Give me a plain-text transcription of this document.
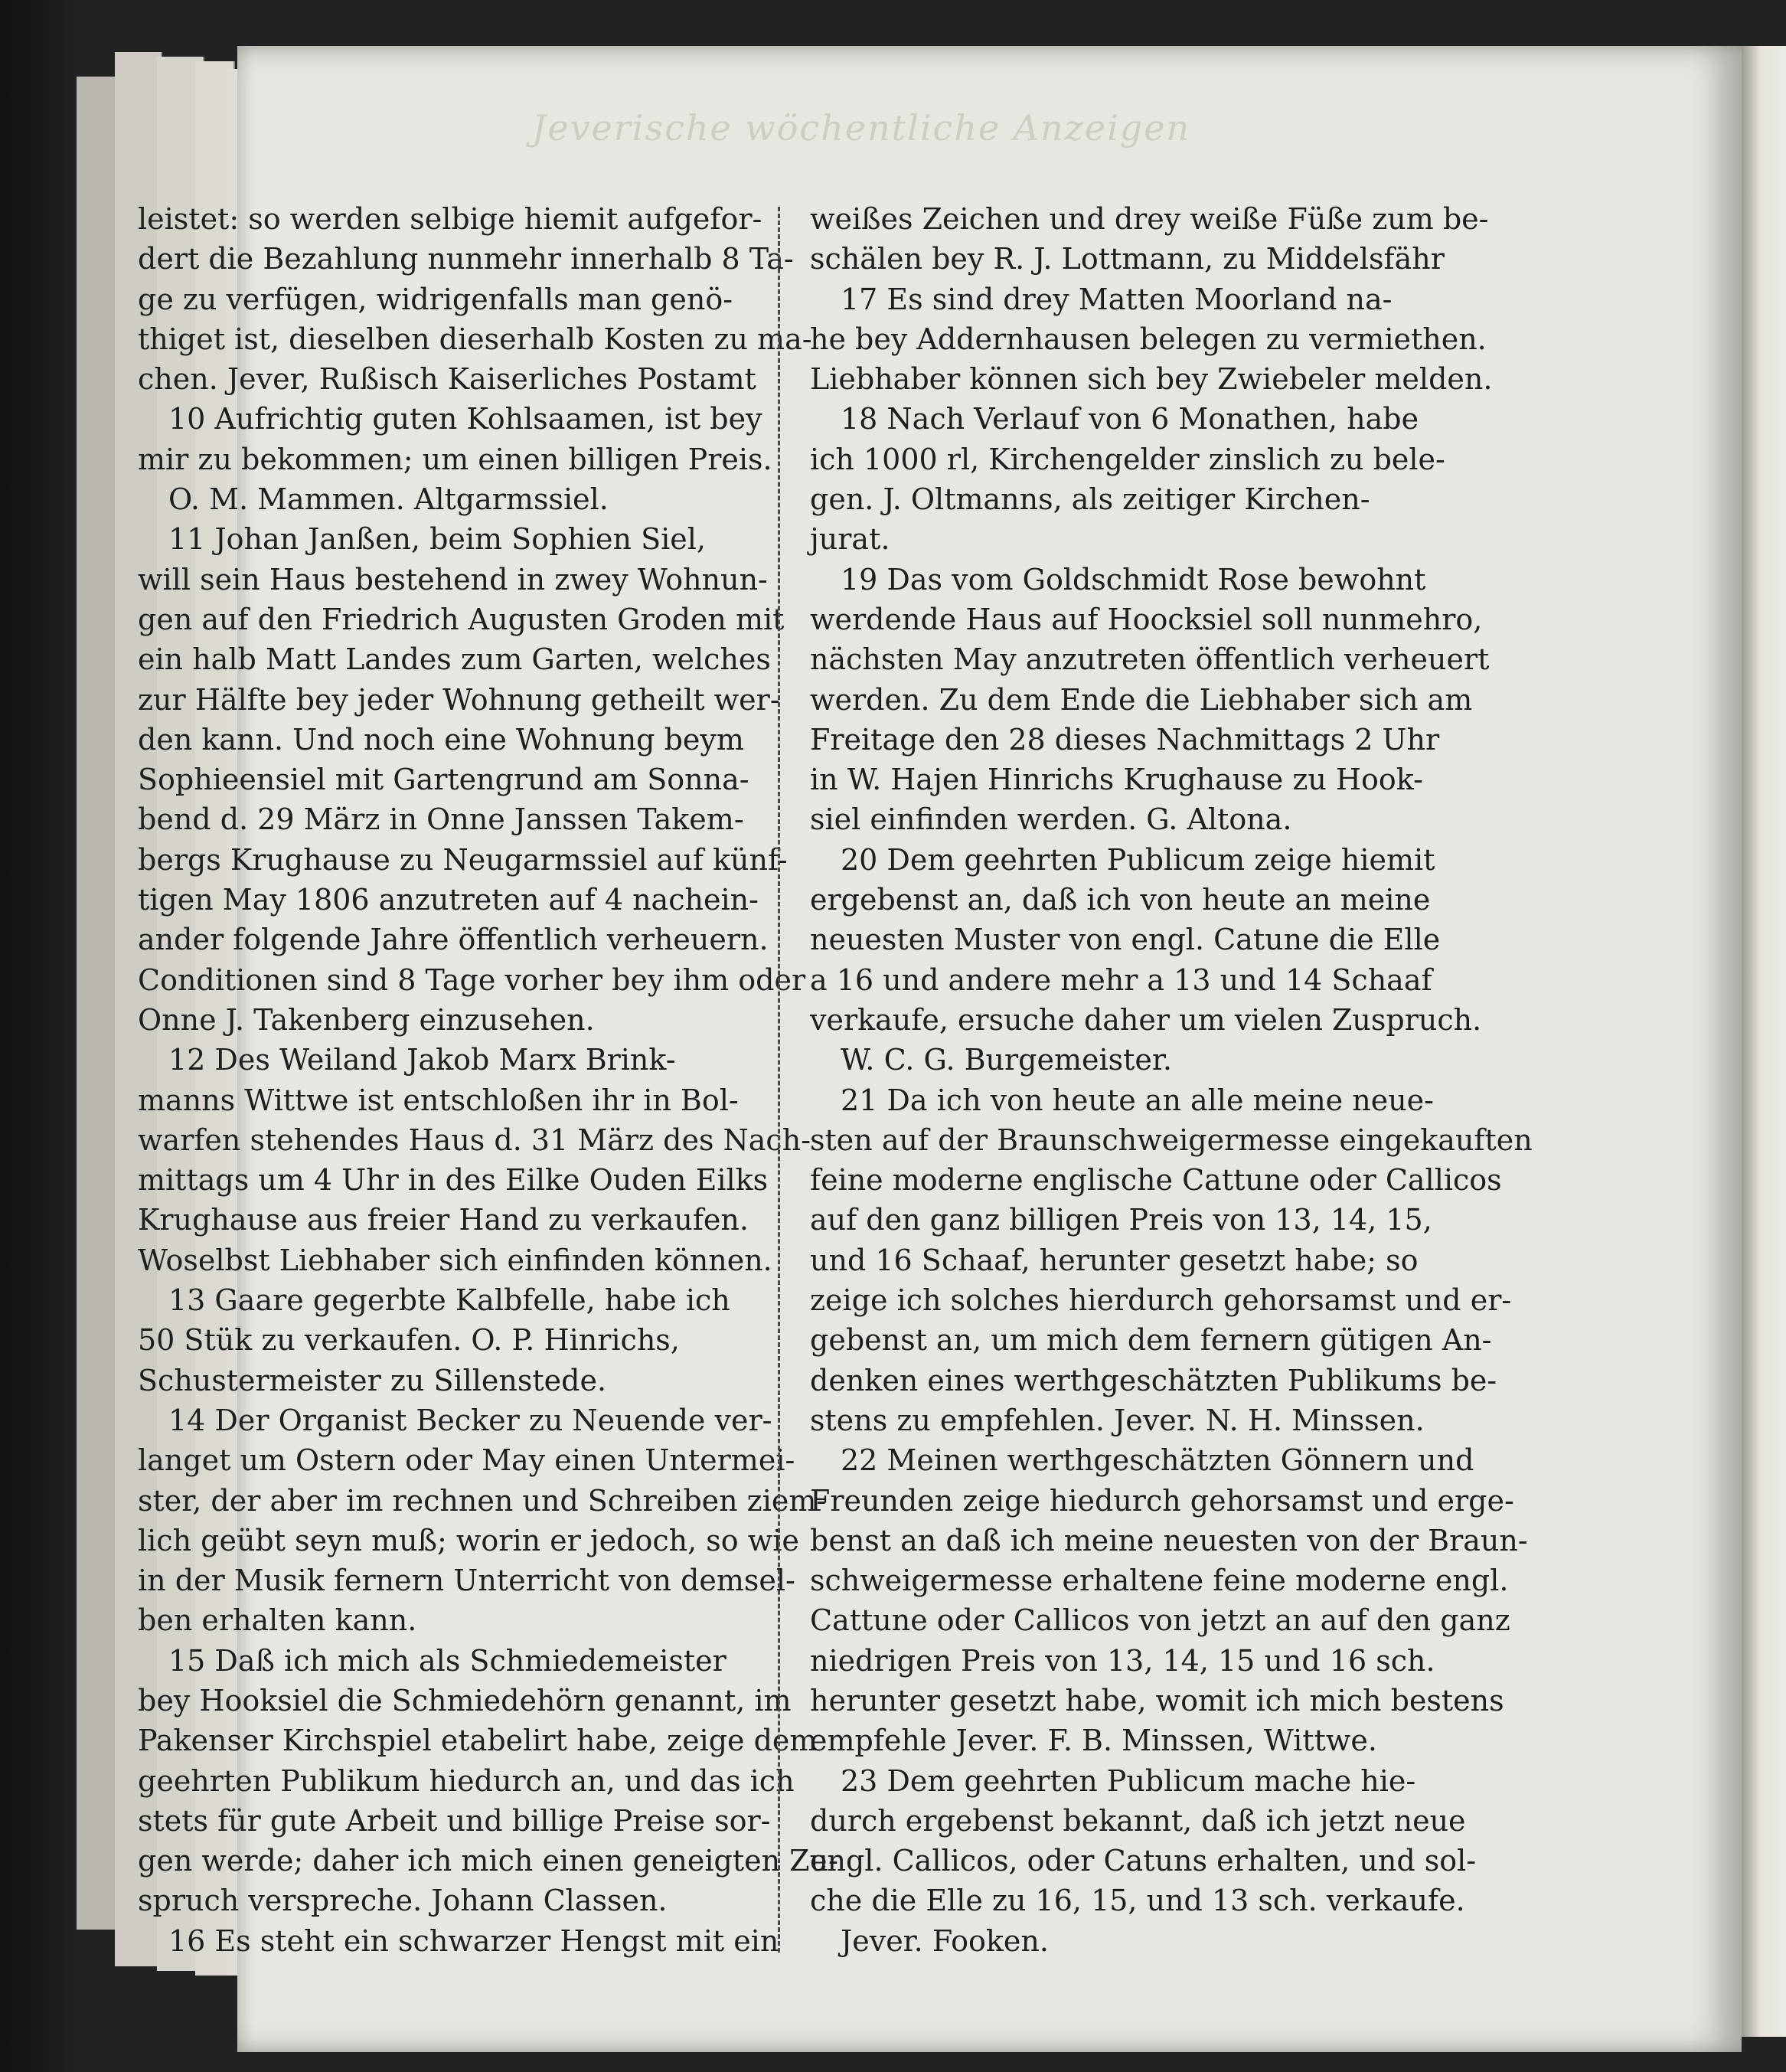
Jeverische wöchentliche Anzeigen

leistet: so werden selbige hiemit aufgefor-

dert die Bezahlung nunmehr innerhalb 8 Ta-

ge zu verfügen, widrigenfalls man genö-

thiget ist, dieselben dieserhalb Kosten zu ma-

chen. Jever, Rußisch Kaiserliches Postamt

10 Aufrichtig guten Kohlsaamen, ist bey

mir zu bekommen; um einen billigen Preis.

O. M. Mammen. Altgarmssiel.

11 Johan Janßen, beim Sophien Siel,

will sein Haus bestehend in zwey Wohnun-

gen auf den Friedrich Augusten Groden mit

ein halb Matt Landes zum Garten, welches

zur Hälfte bey jeder Wohnung getheilt wer-

den kann. Und noch eine Wohnung beym

Sophieensiel mit Gartengrund am Sonna-

bend d. 29 März in Onne Janssen Takem-

bergs Krughause zu Neugarmssiel auf künf-

tigen May 1806 anzutreten auf 4 nachein-

ander folgende Jahre öffentlich verheuern.

Conditionen sind 8 Tage vorher bey ihm oder

Onne J. Takenberg einzusehen.

12 Des Weiland Jakob Marx Brink-

manns Wittwe ist entschloßen ihr in Bol-

warfen stehendes Haus d. 31 März des Nach-

mittags um 4 Uhr in des Eilke Ouden Eilks

Krughause aus freier Hand zu verkaufen.

Woselbst Liebhaber sich einfinden können.

13 Gaare gegerbte Kalbfelle, habe ich

50 Stük zu verkaufen. O. P. Hinrichs,

Schustermeister zu Sillenstede.

14 Der Organist Becker zu Neuende ver-

langet um Ostern oder May einen Untermei-

ster, der aber im rechnen und Schreiben ziem-

lich geübt seyn muß; worin er jedoch, so wie

in der Musik fernern Unterricht von demsel-

ben erhalten kann.

15 Daß ich mich als Schmiedemeister

bey Hooksiel die Schmiedehörn genannt, im

Pakenser Kirchspiel etabelirt habe, zeige dem

geehrten Publikum hiedurch an, und das ich

stets für gute Arbeit und billige Preise sor-

gen werde; daher ich mich einen geneigten Zu-

spruch verspreche. Johann Classen.

16 Es steht ein schwarzer Hengst mit ein

weißes Zeichen und drey weiße Füße zum be-

schälen bey R. J. Lottmann, zu Middelsfähr

17 Es sind drey Matten Moorland na-

he bey Addernhausen belegen zu vermiethen.

Liebhaber können sich bey Zwiebeler melden.

18 Nach Verlauf von 6 Monathen, habe

ich 1000 rl, Kirchengelder zinslich zu bele-

gen. J. Oltmanns, als zeitiger Kirchen-

jurat.

19 Das vom Goldschmidt Rose bewohnt

werdende Haus auf Hoocksiel soll nunmehro,

nächsten May anzutreten öffentlich verheuert

werden. Zu dem Ende die Liebhaber sich am

Freitage den 28 dieses Nachmittags 2 Uhr

in W. Hajen Hinrichs Krughause zu Hook-

siel einfinden werden. G. Altona.

20 Dem geehrten Publicum zeige hiemit

ergebenst an, daß ich von heute an meine

neuesten Muster von engl. Catune die Elle

a 16 und andere mehr a 13 und 14 Schaaf

verkaufe, ersuche daher um vielen Zuspruch.

W. C. G. Burgemeister.

21 Da ich von heute an alle meine neue-

sten auf der Braunschweigermesse eingekauften

feine moderne englische Cattune oder Callicos

auf den ganz billigen Preis von 13, 14, 15,

und 16 Schaaf, herunter gesetzt habe; so

zeige ich solches hierdurch gehorsamst und er-

gebenst an, um mich dem fernern gütigen An-

denken eines werthgeschätzten Publikums be-

stens zu empfehlen. Jever. N. H. Minssen.

22 Meinen werthgeschätzten Gönnern und

Freunden zeige hiedurch gehorsamst und erge-

benst an daß ich meine neuesten von der Braun-

schweigermesse erhaltene feine moderne engl.

Cattune oder Callicos von jetzt an auf den ganz

niedrigen Preis von 13, 14, 15 und 16 sch.

herunter gesetzt habe, womit ich mich bestens

empfehle Jever. F. B. Minssen, Wittwe.

23 Dem geehrten Publicum mache hie-

durch ergebenst bekannt, daß ich jetzt neue

engl. Callicos, oder Catuns erhalten, und sol-

che die Elle zu 16, 15, und 13 sch. verkaufe.

Jever. Fooken.
